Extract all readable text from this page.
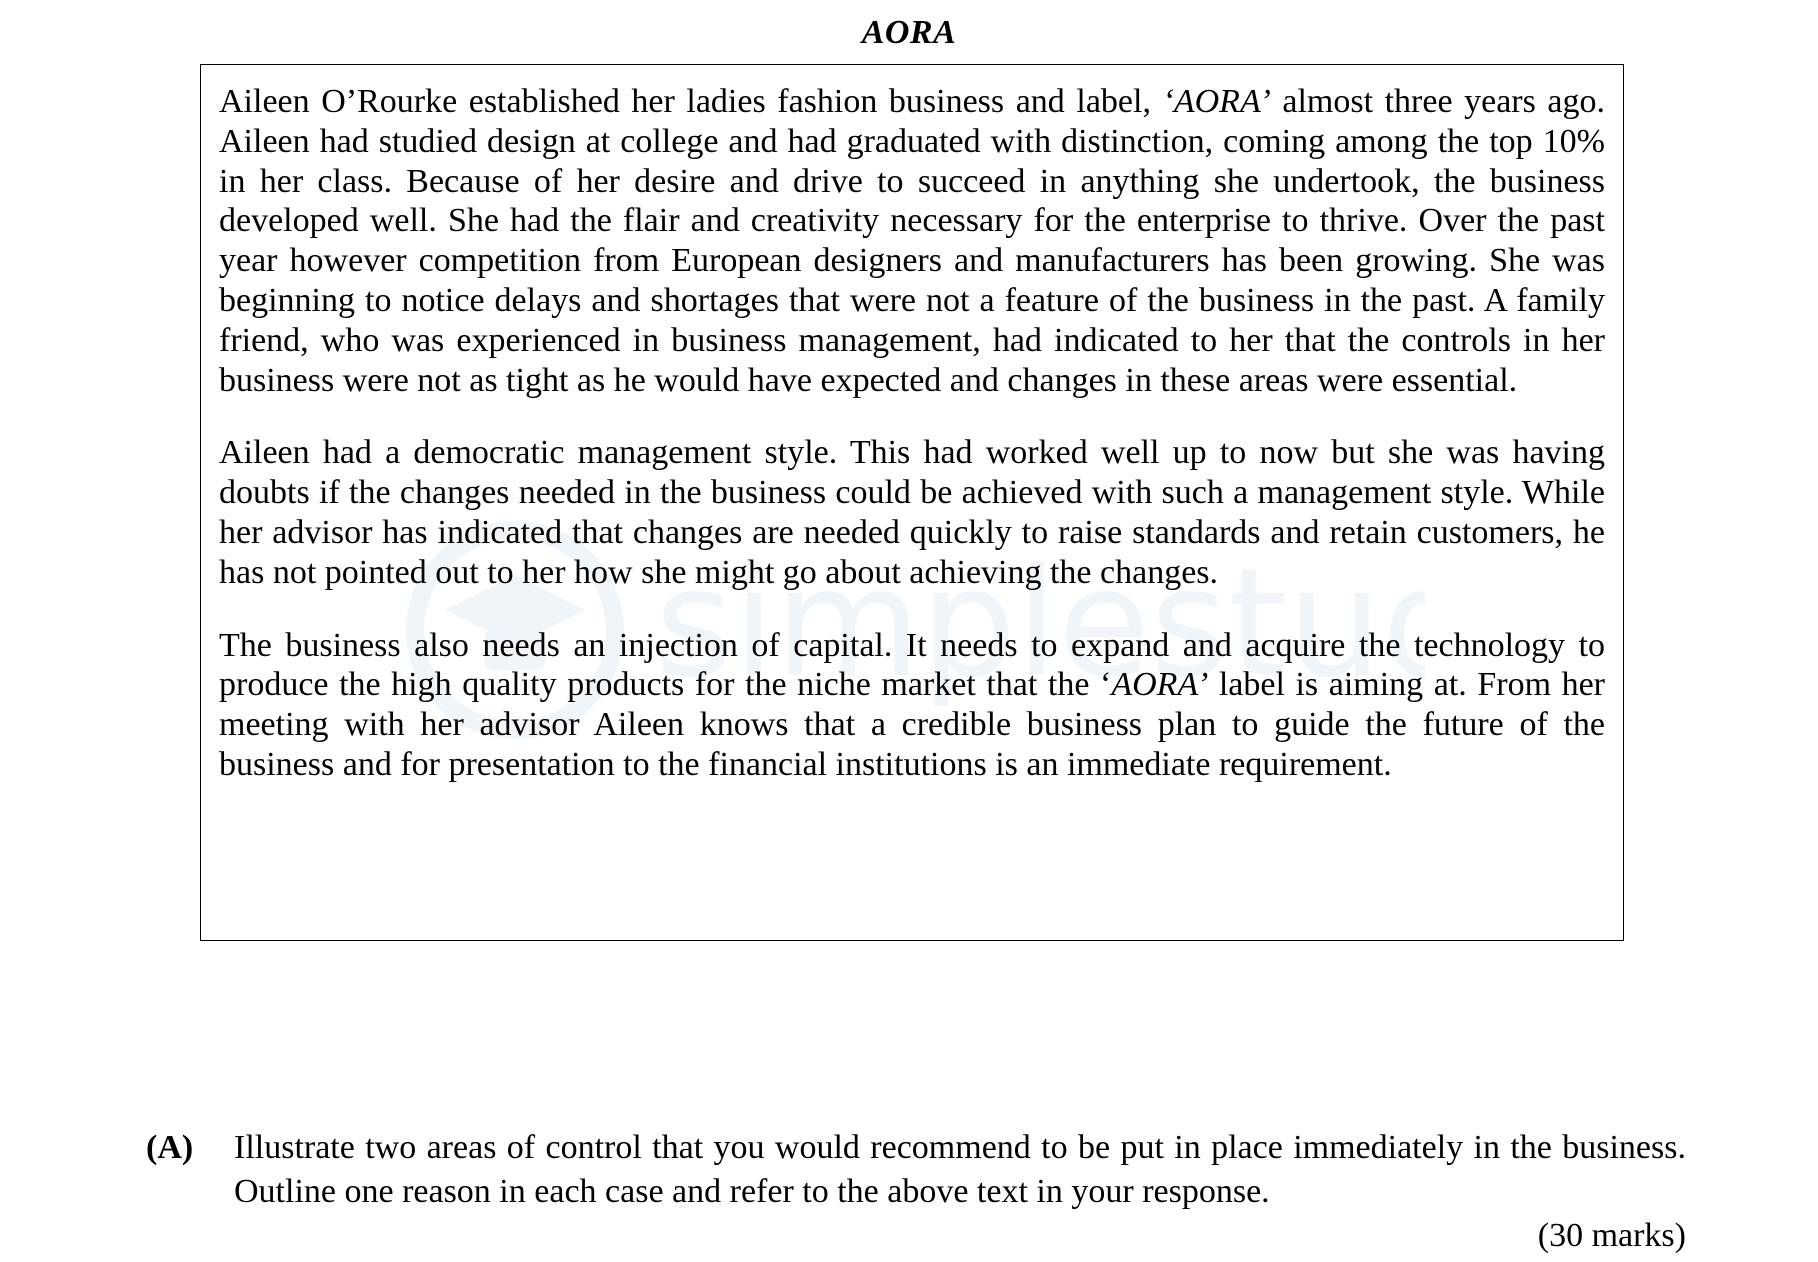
simplestu
AORA

Aileen O’Rourke established her ladies fashion business and label, ‘AORA’ almost three years ago. Aileen had studied design at college and had graduated with distinction, coming among the top 10% in her class. Because of her desire and drive to succeed in anything she undertook, the business developed well. She had the flair and creativity necessary for the enterprise to thrive. Over the past year however competition from European designers and manufacturers has been growing. She was beginning to notice delays and shortages that were not a feature of the business in the past. A family friend, who was experienced in business management, had indicated to her that the controls in her business were not as tight as he would have expected and changes in these areas were essential.

Aileen had a democratic management style. This had worked well up to now but she was having doubts if the changes needed in the business could be achieved with such a management style. While her advisor has indicated that changes are needed quickly to raise standards and retain customers, he has not pointed out to her how she might go about achieving the changes.

The business also needs an injection of capital. It needs to expand and acquire the technology to produce the high quality products for the niche market that the ‘AORA’ label is aiming at. From her meeting with her advisor Aileen knows that a credible business plan to guide the future of the business and for presentation to the financial institutions is an immediate requirement.

(A) Illustrate two areas of control that you would recommend to be put in place immediately in the business. Outline one reason in each case and refer to the above text in your response.
(30 marks)
